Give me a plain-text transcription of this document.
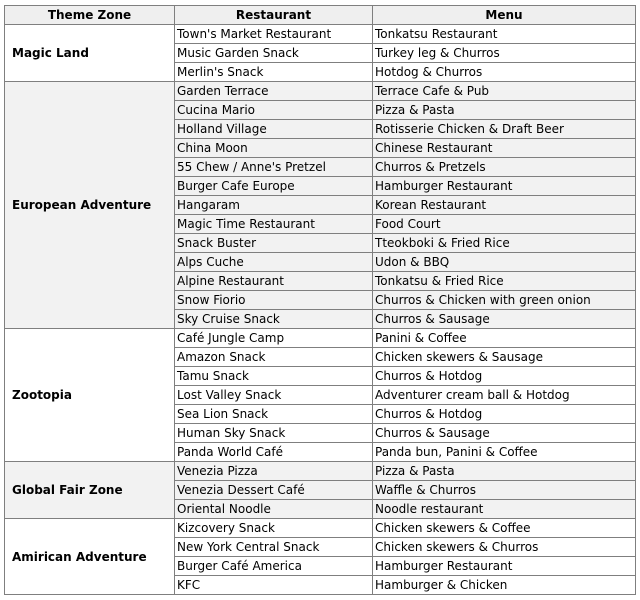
Theme Zone	Restaurant	Menu
Magic Land	Town's Market Restaurant	Tonkatsu Restaurant
	Music Garden Snack	Turkey leg & Churros
	Merlin's Snack	Hotdog & Churros
European Adventure	Garden Terrace	Terrace Cafe & Pub
	Cucina Mario	Pizza & Pasta
	Holland Village	Rotisserie Chicken & Draft Beer
	China Moon	Chinese Restaurant
	55 Chew / Anne's Pretzel	Churros & Pretzels
	Burger Cafe Europe	Hamburger Restaurant
	Hangaram	Korean Restaurant
	Magic Time Restaurant	Food Court
	Snack Buster	Tteokboki & Fried Rice
	Alps Cuche	Udon & BBQ
	Alpine Restaurant	Tonkatsu & Fried Rice
	Snow Fiorio	Churros & Chicken with green onion
	Sky Cruise Snack	Churros & Sausage
Zootopia	Café Jungle Camp	Panini & Coffee
	Amazon Snack	Chicken skewers & Sausage
	Tamu Snack	Churros & Hotdog
	Lost Valley Snack	Adventurer cream ball & Hotdog
	Sea Lion Snack	Churros & Hotdog
	Human Sky Snack	Churros & Sausage
	Panda World Café	Panda bun, Panini & Coffee
Global Fair Zone	Venezia Pizza	Pizza & Pasta
	Venezia Dessert Café	Waffle & Churros
	Oriental Noodle	Noodle restaurant
Amirican Adventure	Kizcovery Snack	Chicken skewers & Coffee
	New York Central Snack	Chicken skewers & Churros
	Burger Café America	Hamburger Restaurant
	KFC	Hamburger & Chicken
